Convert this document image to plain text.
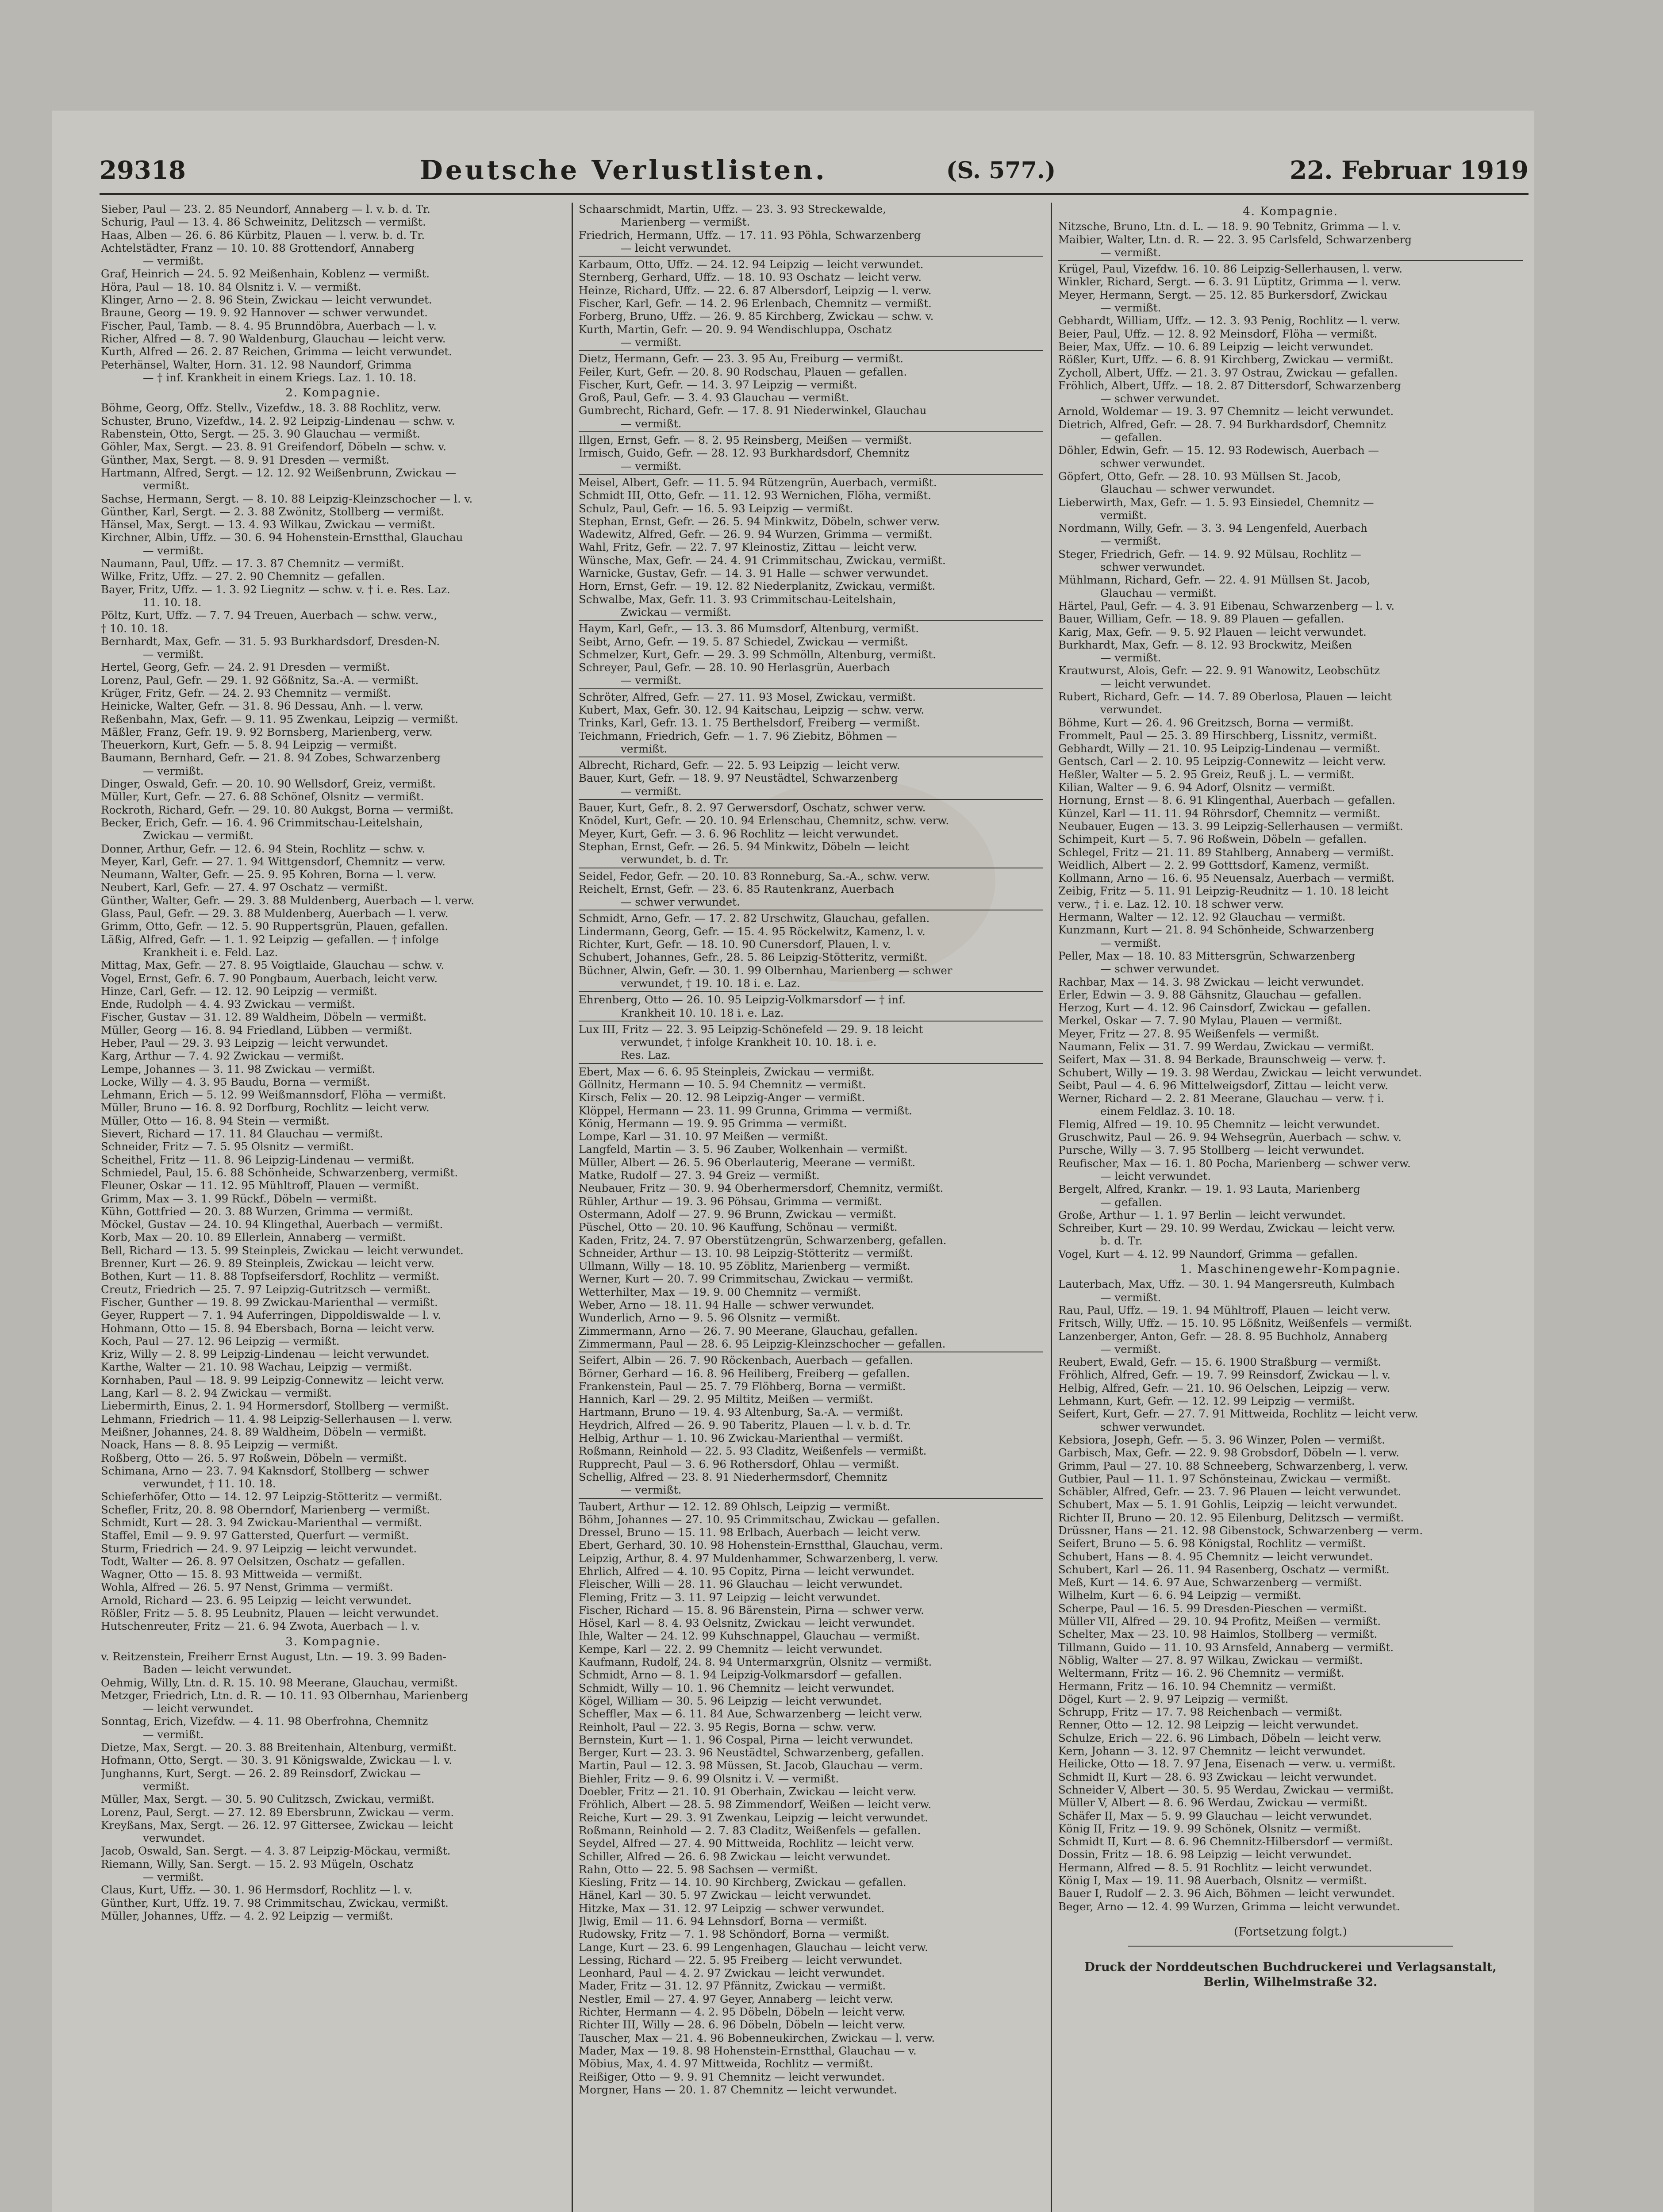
29318	Deutsche Verlustlisten.	(S. 577.)	22. Februar 1919
Sieber, Paul — 23. 2. 85 Neundorf, Annaberg — l. v. b. d. Tr.
Schurig, Paul — 13. 4. 86 Schweinitz, Delitzsch — vermißt.
Haas, Alben — 26. 6. 86 Kürbitz, Plauen — l. verw. b. d. Tr.
Achtelstädter, Franz — 10. 10. 88 Grottendorf, Annaberg
— vermißt.
Graf, Heinrich — 24. 5. 92 Meißenhain, Koblenz — vermißt.
Höra, Paul — 18. 10. 84 Olsnitz i. V. — vermißt.
Klinger, Arno — 2. 8. 96 Stein, Zwickau — leicht verwundet.
Braune, Georg — 19. 9. 92 Hannover — schwer verwundet.
Fischer, Paul, Tamb. — 8. 4. 95 Brunndöbra, Auerbach — l. v.
Richer, Alfred — 8. 7. 90 Waldenburg, Glauchau — leicht verw.
Kurth, Alfred — 26. 2. 87 Reichen, Grimma — leicht verwundet.
Peterhänsel, Walter, Horn. 31. 12. 98 Naundorf, Grimma
— † inf. Krankheit in einem Kriegs. Laz. 1. 10. 18.
2. Kompagnie.
Böhme, Georg, Offz. Stellv., Vizefdw., 18. 3. 88 Rochlitz, verw.
Schuster, Bruno, Vizefdw., 14. 2. 92 Leipzig-Lindenau — schw. v.
Rabenstein, Otto, Sergt. — 25. 3. 90 Glauchau — vermißt.
Göhler, Max, Sergt. — 23. 8. 91 Greifendorf, Döbeln — schw. v.
Günther, Max, Sergt. — 8. 9. 91 Dresden — vermißt.
Hartmann, Alfred, Sergt. — 12. 12. 92 Weißenbrunn, Zwickau —
vermißt.
Sachse, Hermann, Sergt. — 8. 10. 88 Leipzig-Kleinzschocher — l. v.
Günther, Karl, Sergt. — 2. 3. 88 Zwönitz, Stollberg — vermißt.
Hänsel, Max, Sergt. — 13. 4. 93 Wilkau, Zwickau — vermißt.
Kirchner, Albin, Uffz. — 30. 6. 94 Hohenstein-Ernstthal, Glauchau
— vermißt.
Naumann, Paul, Uffz. — 17. 3. 87 Chemnitz — vermißt.
Wilke, Fritz, Uffz. — 27. 2. 90 Chemnitz — gefallen.
Bayer, Fritz, Uffz. — 1. 3. 92 Liegnitz — schw. v. † i. e. Res. Laz.
11. 10. 18.
Pöltz, Kurt, Uffz. — 7. 7. 94 Treuen, Auerbach — schw. verw.,
† 10. 10. 18.
Bernhardt, Max, Gefr. — 31. 5. 93 Burkhardsdorf, Dresden-N.
— vermißt.
Hertel, Georg, Gefr. — 24. 2. 91 Dresden — vermißt.
Lorenz, Paul, Gefr. — 29. 1. 92 Gößnitz, Sa.-A. — vermißt.
Krüger, Fritz, Gefr. — 24. 2. 93 Chemnitz — vermißt.
Heinicke, Walter, Gefr. — 31. 8. 96 Dessau, Anh. — l. verw.
Reßenbahn, Max, Gefr. — 9. 11. 95 Zwenkau, Leipzig — vermißt.
Mäßler, Franz, Gefr. 19. 9. 92 Bornsberg, Marienberg, verw.
Theuerkorn, Kurt, Gefr. — 5. 8. 94 Leipzig — vermißt.
Baumann, Bernhard, Gefr. — 21. 8. 94 Zobes, Schwarzenberg
— vermißt.
Dinger, Oswald, Gefr. — 20. 10. 90 Wellsdorf, Greiz, vermißt.
Müller, Kurt, Gefr. — 27. 6. 88 Schönef, Olsnitz — vermißt.
Rockroth, Richard, Gefr. — 29. 10. 80 Aukgst, Borna — vermißt.
Becker, Erich, Gefr. — 16. 4. 96 Crimmitschau-Leitelshain,
Zwickau — vermißt.
Donner, Arthur, Gefr. — 12. 6. 94 Stein, Rochlitz — schw. v.
Meyer, Karl, Gefr. — 27. 1. 94 Wittgensdorf, Chemnitz — verw.
Neumann, Walter, Gefr. — 25. 9. 95 Kohren, Borna — l. verw.
Neubert, Karl, Gefr. — 27. 4. 97 Oschatz — vermißt.
Günther, Walter, Gefr. — 29. 3. 88 Muldenberg, Auerbach — l. verw.
Glass, Paul, Gefr. — 29. 3. 88 Muldenberg, Auerbach — l. verw.
Grimm, Otto, Gefr. — 12. 5. 90 Ruppertsgrün, Plauen, gefallen.
Läßig, Alfred, Gefr. — 1. 1. 92 Leipzig — gefallen. — † infolge
Krankheit i. e. Feld. Laz.
Mittag, Max, Gefr. — 27. 8. 95 Voigtlaide, Glauchau — schw. v.
Vogel, Ernst, Gefr. 6. 7. 90 Pongbaum, Auerbach, leicht verw.
Hinze, Carl, Gefr. — 12. 12. 90 Leipzig — vermißt.
Ende, Rudolph — 4. 4. 93 Zwickau — vermißt.
Fischer, Gustav — 31. 12. 89 Waldheim, Döbeln — vermißt.
Müller, Georg — 16. 8. 94 Friedland, Lübben — vermißt.
Heber, Paul — 29. 3. 93 Leipzig — leicht verwundet.
Karg, Arthur — 7. 4. 92 Zwickau — vermißt.
Lempe, Johannes — 3. 11. 98 Zwickau — vermißt.
Locke, Willy — 4. 3. 95 Baudu, Borna — vermißt.
Lehmann, Erich — 5. 12. 99 Weißmannsdorf, Flöha — vermißt.
Müller, Bruno — 16. 8. 92 Dorfburg, Rochlitz — leicht verw.
Müller, Otto — 16. 8. 94 Stein — vermißt.
Sievert, Richard — 17. 11. 84 Glauchau — vermißt.
Schneider, Fritz — 7. 5. 95 Olsnitz — vermißt.
Scheithel, Fritz — 11. 8. 96 Leipzig-Lindenau — vermißt.
Schmiedel, Paul, 15. 6. 88 Schönheide, Schwarzenberg, vermißt.
Fleuner, Oskar — 11. 12. 95 Mühltroff, Plauen — vermißt.
Grimm, Max — 3. 1. 99 Rückf., Döbeln — vermißt.
Kühn, Gottfried — 20. 3. 88 Wurzen, Grimma — vermißt.
Möckel, Gustav — 24. 10. 94 Klingethal, Auerbach — vermißt.
Korb, Max — 20. 10. 89 Ellerlein, Annaberg — vermißt.
Bell, Richard — 13. 5. 99 Steinpleis, Zwickau — leicht verwundet.
Brenner, Kurt — 26. 9. 89 Steinpleis, Zwickau — leicht verw.
Bothen, Kurt — 11. 8. 88 Topfseifersdorf, Rochlitz — vermißt.
Creutz, Friedrich — 25. 7. 97 Leipzig-Gutritzsch — vermißt.
Fischer, Gunther — 19. 8. 99 Zwickau-Marienthal — vermißt.
Geyer, Ruppert — 7. 1. 94 Auferringen, Dippoldiswalde — l. v.
Hohmann, Otto — 15. 8. 94 Ebersbach, Borna — leicht verw.
Koch, Paul — 27. 12. 96 Leipzig — vermißt.
Kriz, Willy — 2. 8. 99 Leipzig-Lindenau — leicht verwundet.
Karthe, Walter — 21. 10. 98 Wachau, Leipzig — vermißt.
Kornhaben, Paul — 18. 9. 99 Leipzig-Connewitz — leicht verw.
Lang, Karl — 8. 2. 94 Zwickau — vermißt.
Liebermirth, Einus, 2. 1. 94 Hormersdorf, Stollberg — vermißt.
Lehmann, Friedrich — 11. 4. 98 Leipzig-Sellerhausen — l. verw.
Meißner, Johannes, 24. 8. 89 Waldheim, Döbeln — vermißt.
Noack, Hans — 8. 8. 95 Leipzig — vermißt.
Roßberg, Otto — 26. 5. 97 Roßwein, Döbeln — vermißt.
Schimana, Arno — 23. 7. 94 Kaknsdorf, Stollberg — schwer
verwundet, † 11. 10. 18.
Schieferhöfer, Otto — 14. 12. 97 Leipzig-Stötteritz — vermißt.
Schefler, Fritz, 20. 8. 98 Oberndorf, Marienberg — vermißt.
Schmidt, Kurt — 28. 3. 94 Zwickau-Marienthal — vermißt.
Staffel, Emil — 9. 9. 97 Gattersted, Querfurt — vermißt.
Sturm, Friedrich — 24. 9. 97 Leipzig — leicht verwundet.
Todt, Walter — 26. 8. 97 Oelsitzen, Oschatz — gefallen.
Wagner, Otto — 15. 8. 93 Mittweida — vermißt.
Wohla, Alfred — 26. 5. 97 Nenst, Grimma — vermißt.
Arnold, Richard — 23. 6. 95 Leipzig — leicht verwundet.
Rößler, Fritz — 5. 8. 95 Leubnitz, Plauen — leicht verwundet.
Hutschenreuter, Fritz — 21. 6. 94 Zwota, Auerbach — l. v.
3. Kompagnie.
v. Reitzenstein, Freiherr Ernst August, Ltn. — 19. 3. 99 Baden-
Baden — leicht verwundet.
Oehmig, Willy, Ltn. d. R. 15. 10. 98 Meerane, Glauchau, vermißt.
Metzger, Friedrich, Ltn. d. R. — 10. 11. 93 Olbernhau, Marienberg
— leicht verwundet.
Sonntag, Erich, Vizefdw. — 4. 11. 98 Oberfrohna, Chemnitz
— vermißt.
Dietze, Max, Sergt. — 20. 3. 88 Breitenhain, Altenburg, vermißt.
Hofmann, Otto, Sergt. — 30. 3. 91 Königswalde, Zwickau — l. v.
Junghanns, Kurt, Sergt. — 26. 2. 89 Reinsdorf, Zwickau —
vermißt.
Müller, Max, Sergt. — 30. 5. 90 Culitzsch, Zwickau, vermißt.
Lorenz, Paul, Sergt. — 27. 12. 89 Ebersbrunn, Zwickau — verm.
Kreyßans, Max, Sergt. — 26. 12. 97 Gittersee, Zwickau — leicht
verwundet.
Jacob, Oswald, San. Sergt. — 4. 3. 87 Leipzig-Möckau, vermißt.
Riemann, Willy, San. Sergt. — 15. 2. 93 Mügeln, Oschatz
— vermißt.
Claus, Kurt, Uffz. — 30. 1. 96 Hermsdorf, Rochlitz — l. v.
Günther, Kurt, Uffz. 19. 7. 98 Crimmitschau, Zwickau, vermißt.
Müller, Johannes, Uffz. — 4. 2. 92 Leipzig — vermißt.
Schaarschmidt, Martin, Uffz. — 23. 3. 93 Streckewalde,
Marienberg — vermißt.
Friedrich, Hermann, Uffz. — 17. 11. 93 Pöhla, Schwarzenberg
— leicht verwundet.
Karbaum, Otto, Uffz. — 24. 12. 94 Leipzig — leicht verwundet.
Sternberg, Gerhard, Uffz. — 18. 10. 93 Oschatz — leicht verw.
Heinze, Richard, Uffz. — 22. 6. 87 Albersdorf, Leipzig — l. verw.
Fischer, Karl, Gefr. — 14. 2. 96 Erlenbach, Chemnitz — vermißt.
Forberg, Bruno, Uffz. — 26. 9. 85 Kirchberg, Zwickau — schw. v.
Kurth, Martin, Gefr. — 20. 9. 94 Wendischluppa, Oschatz
— vermißt.
Dietz, Hermann, Gefr. — 23. 3. 95 Au, Freiburg — vermißt.
Feiler, Kurt, Gefr. — 20. 8. 90 Rodschau, Plauen — gefallen.
Fischer, Kurt, Gefr. — 14. 3. 97 Leipzig — vermißt.
Groß, Paul, Gefr. — 3. 4. 93 Glauchau — vermißt.
Gumbrecht, Richard, Gefr. — 17. 8. 91 Niederwinkel, Glauchau
— vermißt.
Illgen, Ernst, Gefr. — 8. 2. 95 Reinsberg, Meißen — vermißt.
Irmisch, Guido, Gefr. — 28. 12. 93 Burkhardsdorf, Chemnitz
— vermißt.
Meisel, Albert, Gefr. — 11. 5. 94 Rützengrün, Auerbach, vermißt.
Schmidt III, Otto, Gefr. — 11. 12. 93 Wernichen, Flöha, vermißt.
Schulz, Paul, Gefr. — 16. 5. 93 Leipzig — vermißt.
Stephan, Ernst, Gefr. — 26. 5. 94 Minkwitz, Döbeln, schwer verw.
Wadewitz, Alfred, Gefr. — 26. 9. 94 Wurzen, Grimma — vermißt.
Wahl, Fritz, Gefr. — 22. 7. 97 Kleinostiz, Zittau — leicht verw.
Wünsche, Max, Gefr. — 24. 4. 91 Crimmitschau, Zwickau, vermißt.
Warnicke, Gustav, Gefr. — 14. 3. 91 Halle — schwer verwundet.
Horn, Ernst, Gefr. — 19. 12. 82 Niederplanitz, Zwickau, vermißt.
Schwalbe, Max, Gefr. 11. 3. 93 Crimmitschau-Leitelshain,
Zwickau — vermißt.
Haym, Karl, Gefr., — 13. 3. 86 Mumsdorf, Altenburg, vermißt.
Seibt, Arno, Gefr. — 19. 5. 87 Schiedel, Zwickau — vermißt.
Schmelzer, Kurt, Gefr. — 29. 3. 99 Schmölln, Altenburg, vermißt.
Schreyer, Paul, Gefr. — 28. 10. 90 Herlasgrün, Auerbach
— vermißt.
Schröter, Alfred, Gefr. — 27. 11. 93 Mosel, Zwickau, vermißt.
Kubert, Max, Gefr. 30. 12. 94 Kaitschau, Leipzig — schw. verw.
Trinks, Karl, Gefr. 13. 1. 75 Berthelsdorf, Freiberg — vermißt.
Teichmann, Friedrich, Gefr. — 1. 7. 96 Ziebitz, Böhmen —
vermißt.
Albrecht, Richard, Gefr. — 22. 5. 93 Leipzig — leicht verw.
Bauer, Kurt, Gefr. — 18. 9. 97 Neustädtel, Schwarzenberg
— vermißt.
Bauer, Kurt, Gefr., 8. 2. 97 Gerwersdorf, Oschatz, schwer verw.
Knödel, Kurt, Gefr. — 20. 10. 94 Erlenschau, Chemnitz, schw. verw.
Meyer, Kurt, Gefr. — 3. 6. 96 Rochlitz — leicht verwundet.
Stephan, Ernst, Gefr. — 26. 5. 94 Minkwitz, Döbeln — leicht
verwundet, b. d. Tr.
Seidel, Fedor, Gefr. — 20. 10. 83 Ronneburg, Sa.-A., schw. verw.
Reichelt, Ernst, Gefr. — 23. 6. 85 Rautenkranz, Auerbach
— schwer verwundet.
Schmidt, Arno, Gefr. — 17. 2. 82 Urschwitz, Glauchau, gefallen.
Lindermann, Georg, Gefr. — 15. 4. 95 Röckelwitz, Kamenz, l. v.
Richter, Kurt, Gefr. — 18. 10. 90 Cunersdorf, Plauen, l. v.
Schubert, Johannes, Gefr., 28. 5. 86 Leipzig-Stötteritz, vermißt.
Büchner, Alwin, Gefr. — 30. 1. 99 Olbernhau, Marienberg — schwer
verwundet, † 19. 10. 18 i. e. Laz.
Ehrenberg, Otto — 26. 10. 95 Leipzig-Volkmarsdorf — † inf.
Krankheit 10. 10. 18 i. e. Laz.
Lux III, Fritz — 22. 3. 95 Leipzig-Schönefeld — 29. 9. 18 leicht
verwundet, † infolge Krankheit 10. 10. 18. i. e.
Res. Laz.
Ebert, Max — 6. 6. 95 Steinpleis, Zwickau — vermißt.
Göllnitz, Hermann — 10. 5. 94 Chemnitz — vermißt.
Kirsch, Felix — 20. 12. 98 Leipzig-Anger — vermißt.
Klöppel, Hermann — 23. 11. 99 Grunna, Grimma — vermißt.
König, Hermann — 19. 9. 95 Grimma — vermißt.
Lompe, Karl — 31. 10. 97 Meißen — vermißt.
Langfeld, Martin — 3. 5. 96 Zauber, Wolkenhain — vermißt.
Müller, Albert — 26. 5. 96 Oberlauterig, Meerane — vermißt.
Matke, Rudolf — 27. 3. 94 Greiz — vermißt.
Neubauer, Fritz — 30. 9. 94 Oberhermersdorf, Chemnitz, vermißt.
Rühler, Arthur — 19. 3. 96 Pöhsau, Grimma — vermißt.
Ostermann, Adolf — 27. 9. 96 Brunn, Zwickau — vermißt.
Püschel, Otto — 20. 10. 96 Kauffung, Schönau — vermißt.
Kaden, Fritz, 24. 7. 97 Oberstützengrün, Schwarzenberg, gefallen.
Schneider, Arthur — 13. 10. 98 Leipzig-Stötteritz — vermißt.
Ullmann, Willy — 18. 10. 95 Zöblitz, Marienberg — vermißt.
Werner, Kurt — 20. 7. 99 Crimmitschau, Zwickau — vermißt.
Wetterhilter, Max — 19. 9. 00 Chemnitz — vermißt.
Weber, Arno — 18. 11. 94 Halle — schwer verwundet.
Wunderlich, Arno — 9. 5. 96 Olsnitz — vermißt.
Zimmermann, Arno — 26. 7. 90 Meerane, Glauchau, gefallen.
Zimmermann, Paul — 28. 6. 95 Leipzig-Kleinzschocher — gefallen.
Seifert, Albin — 26. 7. 90 Röckenbach, Auerbach — gefallen.
Börner, Gerhard — 16. 8. 96 Heiliberg, Freiberg — gefallen.
Frankenstein, Paul — 25. 7. 79 Flöhberg, Borna — vermißt.
Hannich, Karl — 29. 2. 95 Miltitz, Meißen — vermißt.
Hartmann, Bruno — 19. 4. 93 Altenburg, Sa.-A. — vermißt.
Heydrich, Alfred — 26. 9. 90 Taberitz, Plauen — l. v. b. d. Tr.
Helbig, Arthur — 1. 10. 96 Zwickau-Marienthal — vermißt.
Roßmann, Reinhold — 22. 5. 93 Claditz, Weißenfels — vermißt.
Rupprecht, Paul — 3. 6. 96 Rothersdorf, Ohlau — vermißt.
Schellig, Alfred — 23. 8. 91 Niederhermsdorf, Chemnitz
— vermißt.
Taubert, Arthur — 12. 12. 89 Ohlsch, Leipzig — vermißt.
Böhm, Johannes — 27. 10. 95 Crimmitschau, Zwickau — gefallen.
Dressel, Bruno — 15. 11. 98 Erlbach, Auerbach — leicht verw.
Ebert, Gerhard, 30. 10. 98 Hohenstein-Ernstthal, Glauchau, verm.
Leipzig, Arthur, 8. 4. 97 Muldenhammer, Schwarzenberg, l. verw.
Ehrlich, Alfred — 4. 10. 95 Copitz, Pirna — leicht verwundet.
Fleischer, Willi — 28. 11. 96 Glauchau — leicht verwundet.
Fleming, Fritz — 3. 11. 97 Leipzig — leicht verwundet.
Fischer, Richard — 15. 8. 96 Bärenstein, Pirna — schwer verw.
Hösel, Karl — 8. 4. 93 Oelsnitz, Zwickau — leicht verwundet.
Ihle, Walter — 24. 12. 99 Kuhschnappel, Glauchau — vermißt.
Kempe, Karl — 22. 2. 99 Chemnitz — leicht verwundet.
Kaufmann, Rudolf, 24. 8. 94 Untermarxgrün, Olsnitz — vermißt.
Schmidt, Arno — 8. 1. 94 Leipzig-Volkmarsdorf — gefallen.
Schmidt, Willy — 10. 1. 96 Chemnitz — leicht verwundet.
Kögel, William — 30. 5. 96 Leipzig — leicht verwundet.
Scheffler, Max — 6. 11. 84 Aue, Schwarzenberg — leicht verw.
Reinholt, Paul — 22. 3. 95 Regis, Borna — schw. verw.
Bernstein, Kurt — 1. 1. 96 Cospal, Pirna — leicht verwundet.
Berger, Kurt — 23. 3. 96 Neustädtel, Schwarzenberg, gefallen.
Martin, Paul — 12. 3. 98 Müssen, St. Jacob, Glauchau — verm.
Biehler, Fritz — 9. 6. 99 Olsnitz i. V. — vermißt.
Doebler, Fritz — 21. 10. 91 Oberhain, Zwickau — leicht verw.
Fröhlich, Albert — 28. 5. 98 Zimmendorf, Weißen — leicht verw.
Reiche, Kurt — 29. 3. 91 Zwenkau, Leipzig — leicht verwundet.
Roßmann, Reinhold — 2. 7. 83 Claditz, Weißenfels — gefallen.
Seydel, Alfred — 27. 4. 90 Mittweida, Rochlitz — leicht verw.
Schiller, Alfred — 26. 6. 98 Zwickau — leicht verwundet.
Rahn, Otto — 22. 5. 98 Sachsen — vermißt.
Kiesling, Fritz — 14. 10. 90 Kirchberg, Zwickau — gefallen.
Hänel, Karl — 30. 5. 97 Zwickau — leicht verwundet.
Hitzke, Max — 31. 12. 97 Leipzig — schwer verwundet.
Jlwig, Emil — 11. 6. 94 Lehnsdorf, Borna — vermißt.
Rudowsky, Fritz — 7. 1. 98 Schöndorf, Borna — vermißt.
Lange, Kurt — 23. 6. 99 Lengenhagen, Glauchau — leicht verw.
Lessing, Richard — 22. 5. 95 Freiberg — leicht verwundet.
Leonhard, Paul — 4. 2. 97 Zwickau — leicht verwundet.
Mader, Fritz — 31. 12. 97 Pfännitz, Zwickau — vermißt.
Nestler, Emil — 27. 4. 97 Geyer, Annaberg — leicht verw.
Richter, Hermann — 4. 2. 95 Döbeln, Döbeln — leicht verw.
Richter III, Willy — 28. 6. 96 Döbeln, Döbeln — leicht verw.
Tauscher, Max — 21. 4. 96 Bobenneukirchen, Zwickau — l. verw.
Mader, Max — 19. 8. 98 Hohenstein-Ernstthal, Glauchau — v.
Möbius, Max, 4. 4. 97 Mittweida, Rochlitz — vermißt.
Reißiger, Otto — 9. 9. 91 Chemnitz — leicht verwundet.
Morgner, Hans — 20. 1. 87 Chemnitz — leicht verwundet.
4. Kompagnie.
Nitzsche, Bruno, Ltn. d. L. — 18. 9. 90 Tebnitz, Grimma — l. v.
Maibier, Walter, Ltn. d. R. — 22. 3. 95 Carlsfeld, Schwarzenberg
— vermißt.
Krügel, Paul, Vizefdw. 16. 10. 86 Leipzig-Sellerhausen, l. verw.
Winkler, Richard, Sergt. — 6. 3. 91 Lüptitz, Grimma — l. verw.
Meyer, Hermann, Sergt. — 25. 12. 85 Burkersdorf, Zwickau
— vermißt.
Gebhardt, William, Uffz. — 12. 3. 93 Penig, Rochlitz — l. verw.
Beier, Paul, Uffz. — 12. 8. 92 Meinsdorf, Flöha — vermißt.
Beier, Max, Uffz. — 10. 6. 89 Leipzig — leicht verwundet.
Rößler, Kurt, Uffz. — 6. 8. 91 Kirchberg, Zwickau — vermißt.
Zycholl, Albert, Uffz. — 21. 3. 97 Ostrau, Zwickau — gefallen.
Fröhlich, Albert, Uffz. — 18. 2. 87 Dittersdorf, Schwarzenberg
— schwer verwundet.
Arnold, Woldemar — 19. 3. 97 Chemnitz — leicht verwundet.
Dietrich, Alfred, Gefr. — 28. 7. 94 Burkhardsdorf, Chemnitz
— gefallen.
Döhler, Edwin, Gefr. — 15. 12. 93 Rodewisch, Auerbach —
schwer verwundet.
Göpfert, Otto, Gefr. — 28. 10. 93 Müllsen St. Jacob,
Glauchau — schwer verwundet.
Lieberwirth, Max, Gefr. — 1. 5. 93 Einsiedel, Chemnitz —
vermißt.
Nordmann, Willy, Gefr. — 3. 3. 94 Lengenfeld, Auerbach
— vermißt.
Steger, Friedrich, Gefr. — 14. 9. 92 Mülsau, Rochlitz —
schwer verwundet.
Mühlmann, Richard, Gefr. — 22. 4. 91 Müllsen St. Jacob,
Glauchau — vermißt.
Härtel, Paul, Gefr. — 4. 3. 91 Eibenau, Schwarzenberg — l. v.
Bauer, William, Gefr. — 18. 9. 89 Plauen — gefallen.
Karig, Max, Gefr. — 9. 5. 92 Plauen — leicht verwundet.
Burkhardt, Max, Gefr. — 8. 12. 93 Brockwitz, Meißen
— vermißt.
Krautwurst, Alois, Gefr. — 22. 9. 91 Wanowitz, Leobschütz
— leicht verwundet.
Rubert, Richard, Gefr. — 14. 7. 89 Oberlosa, Plauen — leicht
verwundet.
Böhme, Kurt — 26. 4. 96 Greitzsch, Borna — vermißt.
Frommelt, Paul — 25. 3. 89 Hirschberg, Lissnitz, vermißt.
Gebhardt, Willy — 21. 10. 95 Leipzig-Lindenau — vermißt.
Gentsch, Carl — 2. 10. 95 Leipzig-Connewitz — leicht verw.
Heßler, Walter — 5. 2. 95 Greiz, Reuß j. L. — vermißt.
Kilian, Walter — 9. 6. 94 Adorf, Olsnitz — vermißt.
Hornung, Ernst — 8. 6. 91 Klingenthal, Auerbach — gefallen.
Künzel, Karl — 11. 11. 94 Röhrsdorf, Chemnitz — vermißt.
Neubauer, Eugen — 13. 3. 99 Leipzig-Sellerhausen — vermißt.
Schimpeit, Kurt — 5. 7. 96 Roßwein, Döbeln — gefallen.
Schlegel, Fritz — 21. 11. 89 Stahlberg, Annaberg — vermißt.
Weidlich, Albert — 2. 2. 99 Gotttsdorf, Kamenz, vermißt.
Kollmann, Arno — 16. 6. 95 Neuensalz, Auerbach — vermißt.
Zeibig, Fritz — 5. 11. 91 Leipzig-Reudnitz — 1. 10. 18 leicht
verw., † i. e. Laz. 12. 10. 18 schwer verw.
Hermann, Walter — 12. 12. 92 Glauchau — vermißt.
Kunzmann, Kurt — 21. 8. 94 Schönheide, Schwarzenberg
— vermißt.
Peller, Max — 18. 10. 83 Mittersgrün, Schwarzenberg
— schwer verwundet.
Rachbar, Max — 14. 3. 98 Zwickau — leicht verwundet.
Erler, Edwin — 3. 9. 88 Gähsnitz, Glauchau — gefallen.
Herzog, Kurt — 4. 12. 96 Cainsdorf, Zwickau — gefallen.
Merkel, Oskar — 7. 7. 90 Mylau, Plauen — vermißt.
Meyer, Fritz — 27. 8. 95 Weißenfels — vermißt.
Naumann, Felix — 31. 7. 99 Werdau, Zwickau — vermißt.
Seifert, Max — 31. 8. 94 Berkade, Braunschweig — verw. †.
Schubert, Willy — 19. 3. 98 Werdau, Zwickau — leicht verwundet.
Seibt, Paul — 4. 6. 96 Mittelweigsdorf, Zittau — leicht verw.
Werner, Richard — 2. 2. 81 Meerane, Glauchau — verw. † i.
einem Feldlaz. 3. 10. 18.
Flemig, Alfred — 19. 10. 95 Chemnitz — leicht verwundet.
Gruschwitz, Paul — 26. 9. 94 Wehsegrün, Auerbach — schw. v.
Pursche, Willy — 3. 7. 95 Stollberg — leicht verwundet.
Reufischer, Max — 16. 1. 80 Pocha, Marienberg — schwer verw.
— leicht verwundet.
Bergelt, Alfred, Krankr. — 19. 1. 93 Lauta, Marienberg
— gefallen.
Große, Arthur — 1. 1. 97 Berlin — leicht verwundet.
Schreiber, Kurt — 29. 10. 99 Werdau, Zwickau — leicht verw.
b. d. Tr.
Vogel, Kurt — 4. 12. 99 Naundorf, Grimma — gefallen.
1. Maschinengewehr-Kompagnie.
Lauterbach, Max, Uffz. — 30. 1. 94 Mangersreuth, Kulmbach
— vermißt.
Rau, Paul, Uffz. — 19. 1. 94 Mühltroff, Plauen — leicht verw.
Fritsch, Willy, Uffz. — 15. 10. 95 Lößnitz, Weißenfels — vermißt.
Lanzenberger, Anton, Gefr. — 28. 8. 95 Buchholz, Annaberg
— vermißt.
Reubert, Ewald, Gefr. — 15. 6. 1900 Straßburg — vermißt.
Fröhlich, Alfred, Gefr. — 19. 7. 99 Reinsdorf, Zwickau — l. v.
Helbig, Alfred, Gefr. — 21. 10. 96 Oelschen, Leipzig — verw.
Lehmann, Kurt, Gefr. — 12. 12. 99 Leipzig — vermißt.
Seifert, Kurt, Gefr. — 27. 7. 91 Mittweida, Rochlitz — leicht verw.
schwer verwundet.
Kebsiora, Joseph, Gefr. — 5. 3. 96 Winzer, Polen — vermißt.
Garbisch, Max, Gefr. — 22. 9. 98 Grobsdorf, Döbeln — l. verw.
Grimm, Paul — 27. 10. 88 Schneeberg, Schwarzenberg, l. verw.
Gutbier, Paul — 11. 1. 97 Schönsteinau, Zwickau — vermißt.
Schäbler, Alfred, Gefr. — 23. 7. 96 Plauen — leicht verwundet.
Schubert, Max — 5. 1. 91 Gohlis, Leipzig — leicht verwundet.
Richter II, Bruno — 20. 12. 95 Eilenburg, Delitzsch — vermißt.
Drüssner, Hans — 21. 12. 98 Gibenstock, Schwarzenberg — verm.
Seifert, Bruno — 5. 6. 98 Königstal, Rochlitz — vermißt.
Schubert, Hans — 8. 4. 95 Chemnitz — leicht verwundet.
Schubert, Karl — 26. 11. 94 Rasenberg, Oschatz — vermißt.
Meß, Kurt — 14. 6. 97 Aue, Schwarzenberg — vermißt.
Wilhelm, Kurt — 6. 6. 94 Leipzig — vermißt.
Scherpe, Paul — 16. 5. 99 Dresden-Pieschen — vermißt.
Müller VII, Alfred — 29. 10. 94 Profitz, Meißen — vermißt.
Schelter, Max — 23. 10. 98 Haimlos, Stollberg — vermißt.
Tillmann, Guido — 11. 10. 93 Arnsfeld, Annaberg — vermißt.
Nöblig, Walter — 27. 8. 97 Wilkau, Zwickau — vermißt.
Weltermann, Fritz — 16. 2. 96 Chemnitz — vermißt.
Hermann, Fritz — 16. 10. 94 Chemnitz — vermißt.
Dögel, Kurt — 2. 9. 97 Leipzig — vermißt.
Schrupp, Fritz — 17. 7. 98 Reichenbach — vermißt.
Renner, Otto — 12. 12. 98 Leipzig — leicht verwundet.
Schulze, Erich — 22. 6. 96 Limbach, Döbeln — leicht verw.
Kern, Johann — 3. 12. 97 Chemnitz — leicht verwundet.
Heilicke, Otto — 18. 7. 97 Jena, Eisenach — verw. u. vermißt.
Schmidt II, Kurt — 28. 6. 93 Zwickau — leicht verwundet.
Schneider V, Albert — 30. 5. 95 Werdau, Zwickau — vermißt.
Müller V, Albert — 8. 6. 96 Werdau, Zwickau — vermißt.
Schäfer II, Max — 5. 9. 99 Glauchau — leicht verwundet.
König II, Fritz — 19. 9. 99 Schönek, Olsnitz — vermißt.
Schmidt II, Kurt — 8. 6. 96 Chemnitz-Hilbersdorf — vermißt.
Dossin, Fritz — 18. 6. 98 Leipzig — leicht verwundet.
Hermann, Alfred — 8. 5. 91 Rochlitz — leicht verwundet.
König I, Max — 19. 11. 98 Auerbach, Olsnitz — vermißt.
Bauer I, Rudolf — 2. 3. 96 Aich, Böhmen — leicht verwundet.
Beger, Arno — 12. 4. 99 Wurzen, Grimma — leicht verwundet.
(Fortsetzung folgt.)
Druck der Norddeutschen Buchdruckerei und Verlagsanstalt,
Berlin, Wilhelmstraße 32.
